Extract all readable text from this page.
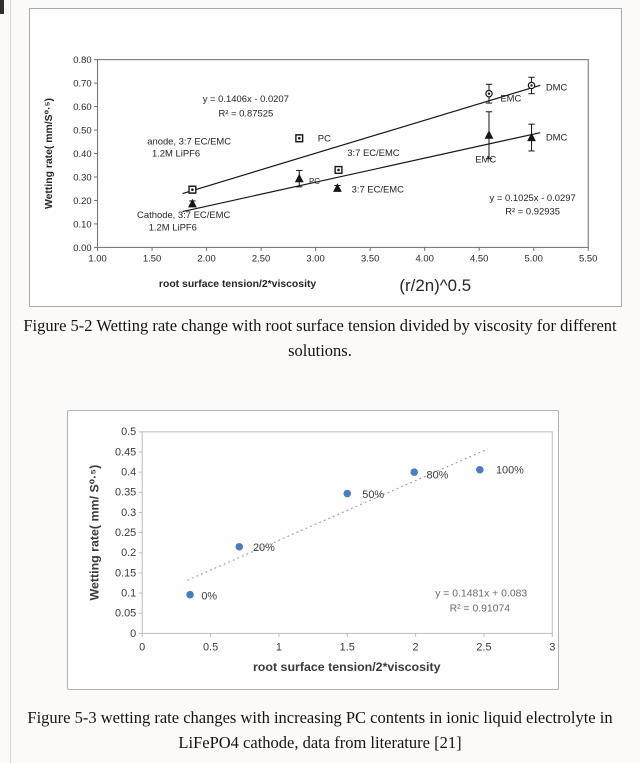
1.00	1.50	2.00	2.50	3.00	3.50	4.00	4.50	5.00	5.50
0.00
0.10
0.20
0.30
0.40
0.50
0.60
0.70
0.80
y = 0.1406x - 0.0207
R² = 0.87525
anode, 3:7 EC/EMC
1.2M LiPF6
PC
3:7 EC/EMC
PC
3:7 EC/EMC
EMC
DMC
EMC
DMC
Cathode, 3:7 EC/EMC
1.2M LiPF6
y = 0.1025x - 0.0297
R² = 0.92935
root surface tension/2*viscosity	(r/2n)^0.5
Wetting rate( mm/S⁰·⁵)
Figure 5-2 Wetting rate change with root surface tension divided by viscosity for different
solutions.
0	0.5	1	1.5	2	2.5	3
0
0.05
0.1
0.15
0.2
0.25
0.3
0.35
0.4
0.45
0.5
0%
20%
50%
80%	100%
y = 0.1481x + 0.083
R² = 0.91074
root surface tension/2*viscosity
Wetting rate( mm/ S⁰·⁵)
Figure 5-3 wetting rate changes with increasing PC contents in ionic liquid electrolyte in
LiFePO4 cathode, data from literature [21]
